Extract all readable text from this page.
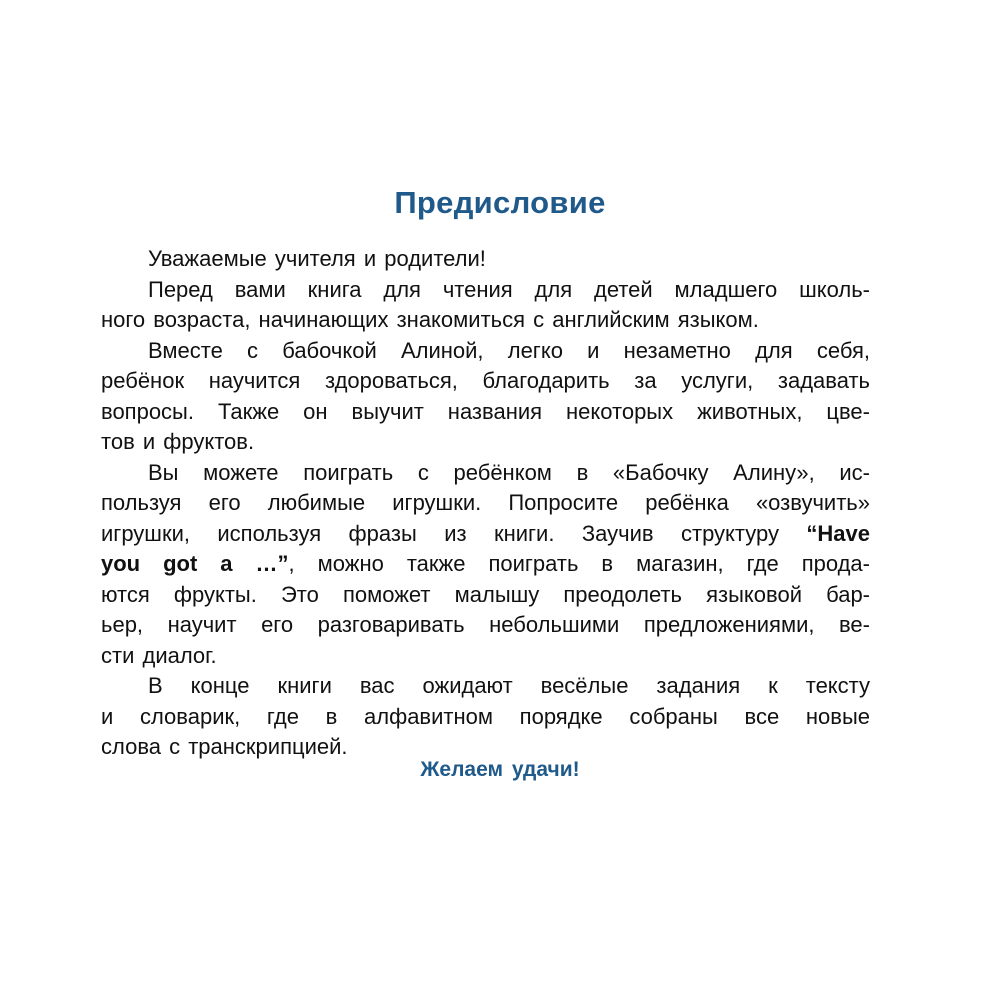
Предисловие
Уважаемые учителя и родители!
Перед вами книга для чтения для детей младшего школь-
ного возраста, начинающих знакомиться с английским языком.
Вместе с бабочкой Алиной, легко и незаметно для себя,
ребёнок научится здороваться, благодарить за услуги, задавать
вопросы. Также он выучит названия некоторых животных, цве-
тов и фруктов.
Вы можете поиграть с ребёнком в «Бабочку Алину», ис-
пользуя его любимые игрушки. Попросите ребёнка «озвучить»
игрушки, используя фразы из книги. Заучив структуру “Have
you got a …”, можно также поиграть в магазин, где прода-
ются фрукты. Это поможет малышу преодолеть языковой бар-
ьер, научит его разговаривать небольшими предложениями, ве-
сти диалог.
В конце книги вас ожидают весёлые задания к тексту
и словарик, где в алфавитном порядке собраны все новые
слова с транскрипцией.

Желаем удачи!
